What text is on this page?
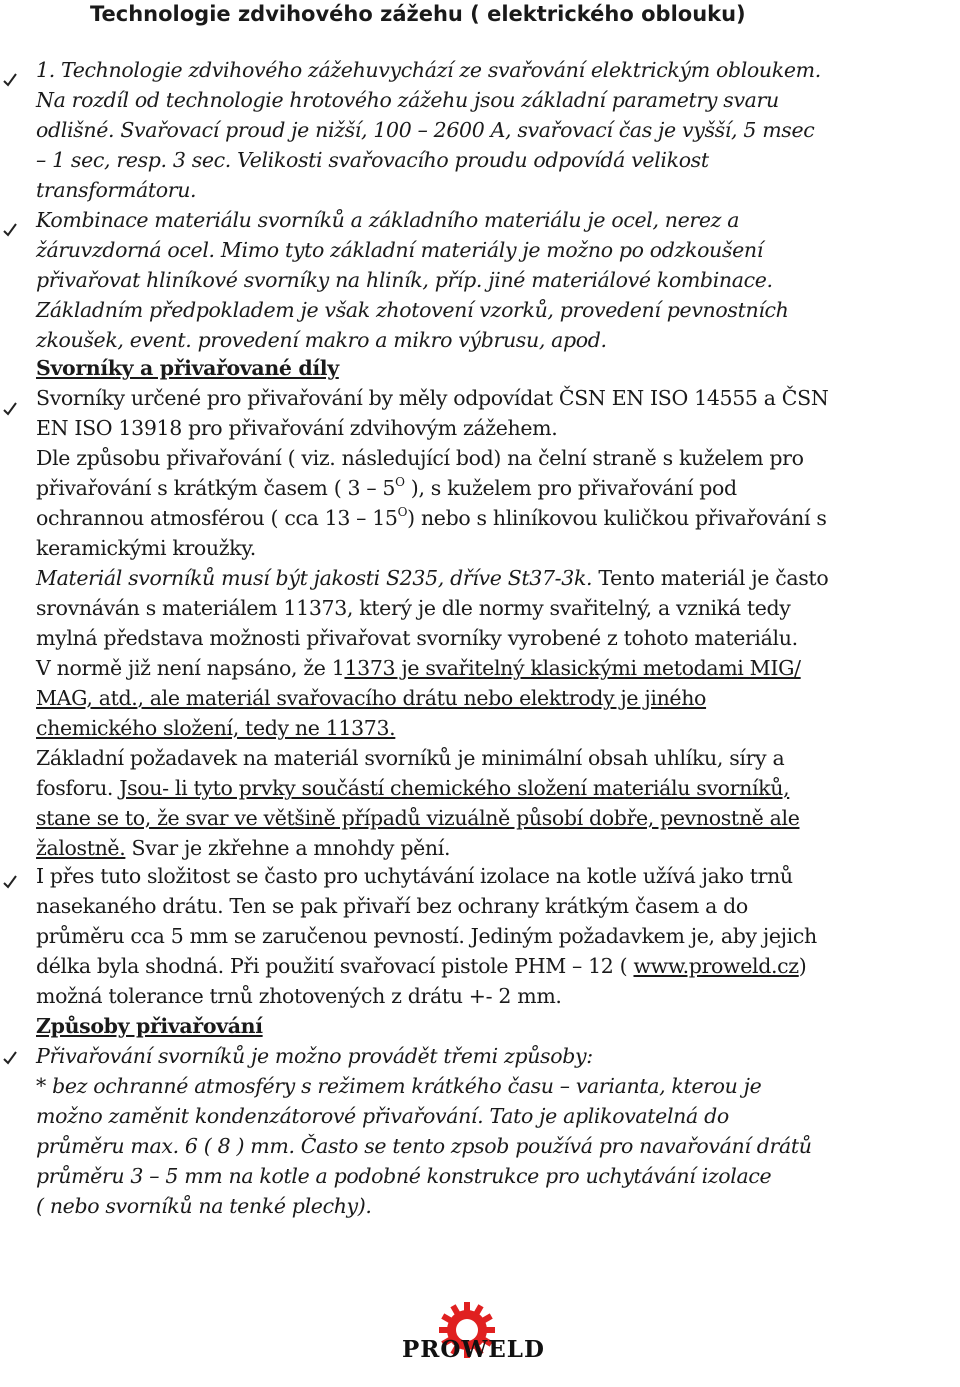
Technologie zdvihového zážehu ( elektrického oblouku)

1. Technologie zdvihového zážehuvychází ze svařování elektrickým obloukem.

Na rozdíl od technologie hrotového zážehu jsou základní parametry svaru

odlišné. Svařovací proud je nižší, 100 – 2600 A, svařovací čas je vyšší, 5 msec

– 1 sec, resp. 3 sec. Velikosti svařovacího proudu odpovídá velikost

transformátoru.

Kombinace materiálu svorníků a základního materiálu je ocel, nerez a

žáruvzdorná ocel. Mimo tyto základní materiály je možno po odzkoušení

přivařovat hliníkové svorníky na hliník, příp. jiné materiálové kombinace.

Základním předpokladem je však zhotovení vzorků, provedení pevnostních

zkoušek, event. provedení makro a mikro výbrusu, apod.

Svorníky a přivařované díly

Svorníky určené pro přivařování by měly odpovídat ČSN EN ISO 14555 a ČSN

EN ISO 13918 pro přivařování zdvihovým zážehem.

Dle způsobu přivařování ( viz. následující bod) na čelní straně s kuželem pro

přivařování s krátkým časem ( $3 - 5^O$ ), s kuželem pro přivařování pod

ochrannou atmosférou ( cca $13 - 15^O$) nebo s hliníkovou kuličkou přivařování s

keramickými kroužky.

Materiál svorníků musí být jakosti S235, dříve St37-3k. Tento materiál je často

srovnáván s materiálem 11373, který je dle normy svařitelný, a vzniká tedy

mylná představa možnosti přivařovat svorníky vyrobené z tohoto materiálu.

V normě již není napsáno, že 11373 je svařitelný klasickými metodami MIG/

MAG, atd., ale materiál svařovacího drátu nebo elektrody je jiného

chemického složení, tedy ne 11373.

Základní požadavek na materiál svorníků je minimální obsah uhlíku, síry a

fosforu. Jsou- li tyto prvky součástí chemického složení materiálu svorníků,

stane se to, že svar ve většině případů vizuálně působí dobře, pevnostně ale

žalostně. Svar je zkřehne a mnohdy pění.

I přes tuto složitost se často pro uchytávání izolace na kotle užívá jako trnů

nasekaného drátu. Ten se pak přivaří bez ochrany krátkým časem a do

průměru cca 5 mm se zaručenou pevností. Jediným požadavkem je, aby jejich

délka byla shodná. Při použití svařovací pistole PHM – 12 ( www.proweld.cz)

možná tolerance trnů zhotovených z drátu +- 2 mm.

Způsoby přivařování

Přivařování svorníků je možno provádět třemi způsoby:

* bez ochranné atmosféry s režimem krátkého času – varianta, kterou je

možno zaměnit kondenzátorové přivařování. Tato je aplikovatelná do

průměru max. 6 ( 8 ) mm. Často se tento zpsob používá pro navařování drátů

průměru 3 – 5 mm na kotle a podobné konstrukce pro uchytávání izolace

( nebo svorníků na tenké plechy).

PROWELD
